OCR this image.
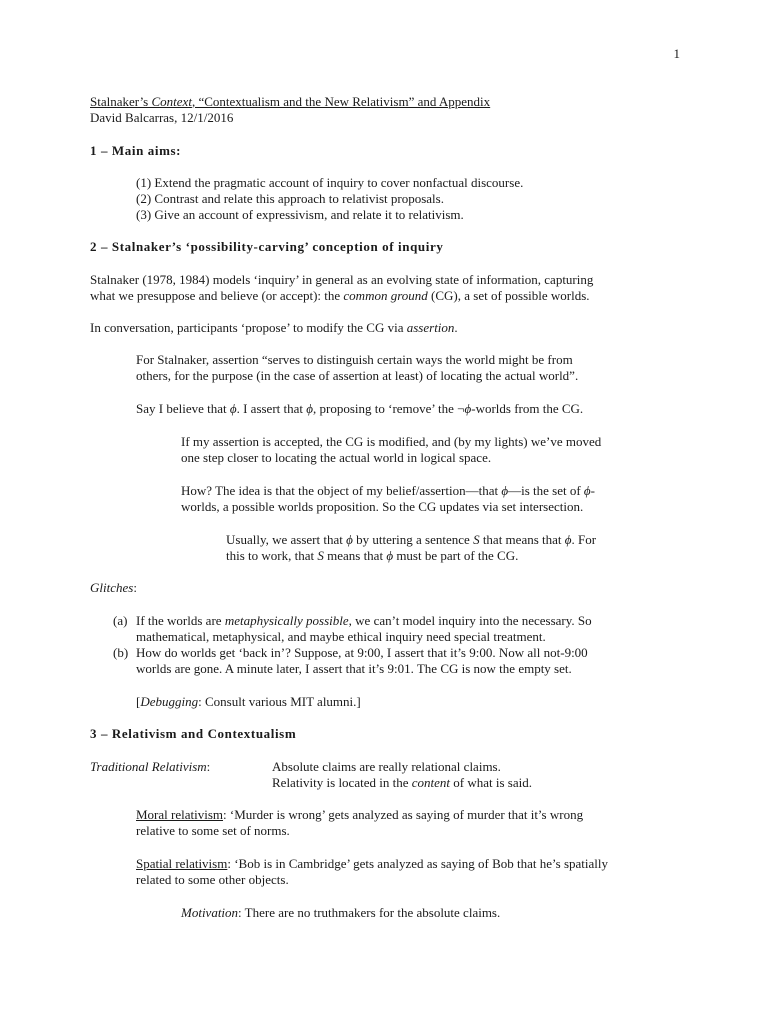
1
Stalnaker’s Context, “Contextualism and the New Relativism” and Appendix
David Balcarras, 12/1/2016
1 – Main aims:
(1) Extend the pragmatic account of inquiry to cover nonfactual discourse.
(2) Contrast and relate this approach to relativist proposals.
(3) Give an account of expressivism, and relate it to relativism.
2 – Stalnaker’s ‘possibility-carving’ conception of inquiry
Stalnaker (1978, 1984) models ‘inquiry’ in general as an evolving state of information, capturing
what we presuppose and believe (or accept): the common ground (CG), a set of possible worlds.
In conversation, participants ‘propose’ to modify the CG via assertion.
For Stalnaker, assertion “serves to distinguish certain ways the world might be from
others, for the purpose (in the case of assertion at least) of locating the actual world”.
Say I believe that ϕ. I assert that ϕ, proposing to ‘remove’ the ¬ϕ-worlds from the CG.
If my assertion is accepted, the CG is modified, and (by my lights) we’ve moved
one step closer to locating the actual world in logical space.
How? The idea is that the object of my belief/assertion—that ϕ—is the set of ϕ-
worlds, a possible worlds proposition. So the CG updates via set intersection.
Usually, we assert that ϕ by uttering a sentence S that means that ϕ. For
this to work, that S means that ϕ must be part of the CG.
Glitches:
(a) If the worlds are metaphysically possible, we can’t model inquiry into the necessary. So
mathematical, metaphysical, and maybe ethical inquiry need special treatment.
(b) How do worlds get ‘back in’? Suppose, at 9:00, I assert that it’s 9:00. Now all not-9:00
worlds are gone. A minute later, I assert that it’s 9:01. The CG is now the empty set.
[Debugging: Consult various MIT alumni.]
3 – Relativism and Contextualism
Traditional Relativism:	Absolute claims are really relational claims.
Relativity is located in the content of what is said.
Moral relativism: ‘Murder is wrong’ gets analyzed as saying of murder that it’s wrong
relative to some set of norms.
Spatial relativism: ‘Bob is in Cambridge’ gets analyzed as saying of Bob that he’s spatially
related to some other objects.
Motivation: There are no truthmakers for the absolute claims.
